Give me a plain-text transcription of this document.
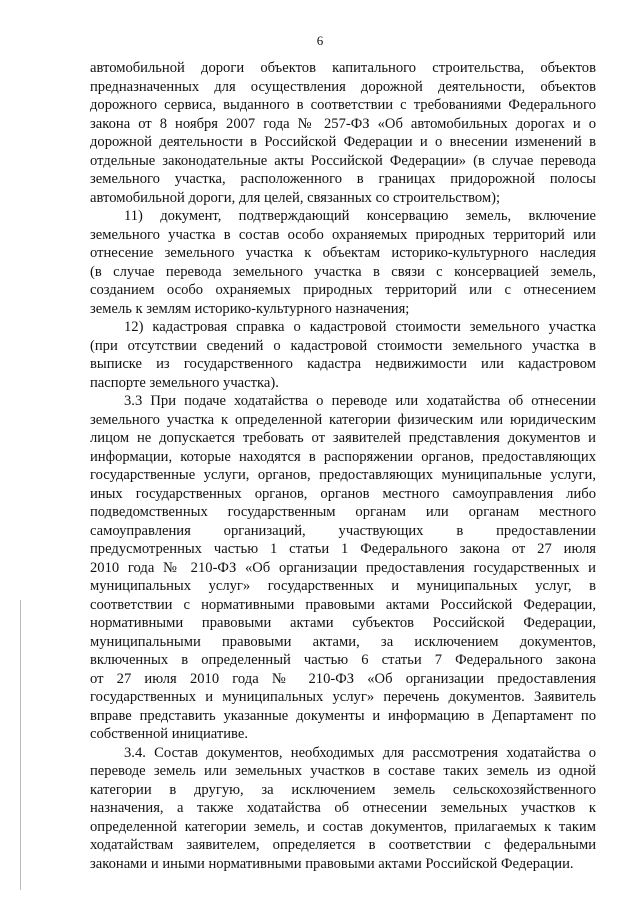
6
автомобильной дороги объектов капитального строительства, объектов
предназначенных для осуществления дорожной деятельности, объектов
дорожного сервиса, выданного в соответствии с требованиями Федерального
закона от 8 ноября 2007 года № 257-ФЗ «Об автомобильных дорогах и о
дорожной деятельности в Российской Федерации и о внесении изменений в
отдельные законодательные акты Российской Федерации» (в случае перевода
земельного участка, расположенного в границах придорожной полосы
автомобильной дороги, для целей, связанных со строительством);
11) документ, подтверждающий консервацию земель, включение
земельного участка в состав особо охраняемых природных территорий или
отнесение земельного участка к объектам историко-культурного наследия
(в случае перевода земельного участка в связи с консервацией земель,
созданием особо охраняемых природных территорий или с отнесением
земель к землям историко-культурного назначения;
12) кадастровая справка о кадастровой стоимости земельного участка
(при отсутствии сведений о кадастровой стоимости земельного участка в
выписке из государственного кадастра недвижимости или кадастровом
паспорте земельного участка).
3.3 При подаче ходатайства о переводе или ходатайства об отнесении
земельного участка к определенной категории физическим или юридическим
лицом не допускается требовать от заявителей представления документов и
информации, которые находятся в распоряжении органов, предоставляющих
государственные услуги, органов, предоставляющих муниципальные услуги,
иных государственных органов, органов местного самоуправления либо
подведомственных государственным органам или органам местного
самоуправления организаций, участвующих в предоставлении
предусмотренных частью 1 статьи 1 Федерального закона от 27 июля
2010 года № 210-ФЗ «Об организации предоставления государственных и
муниципальных услуг» государственных и муниципальных услуг, в
соответствии с нормативными правовыми актами Российской Федерации,
нормативными правовыми актами субъектов Российской Федерации,
муниципальными правовыми актами, за исключением документов,
включенных в определенный частью 6 статьи 7 Федерального закона
от 27 июля 2010 года № 210-ФЗ «Об организации предоставления
государственных и муниципальных услуг» перечень документов. Заявитель
вправе представить указанные документы и информацию в Департамент по
собственной инициативе.
3.4. Состав документов, необходимых для рассмотрения ходатайства о
переводе земель или земельных участков в составе таких земель из одной
категории в другую, за исключением земель сельскохозяйственного
назначения, а также ходатайства об отнесении земельных участков к
определенной категории земель, и состав документов, прилагаемых к таким
ходатайствам заявителем, определяется в соответствии с федеральными
законами и иными нормативными правовыми актами Российской Федерации.
